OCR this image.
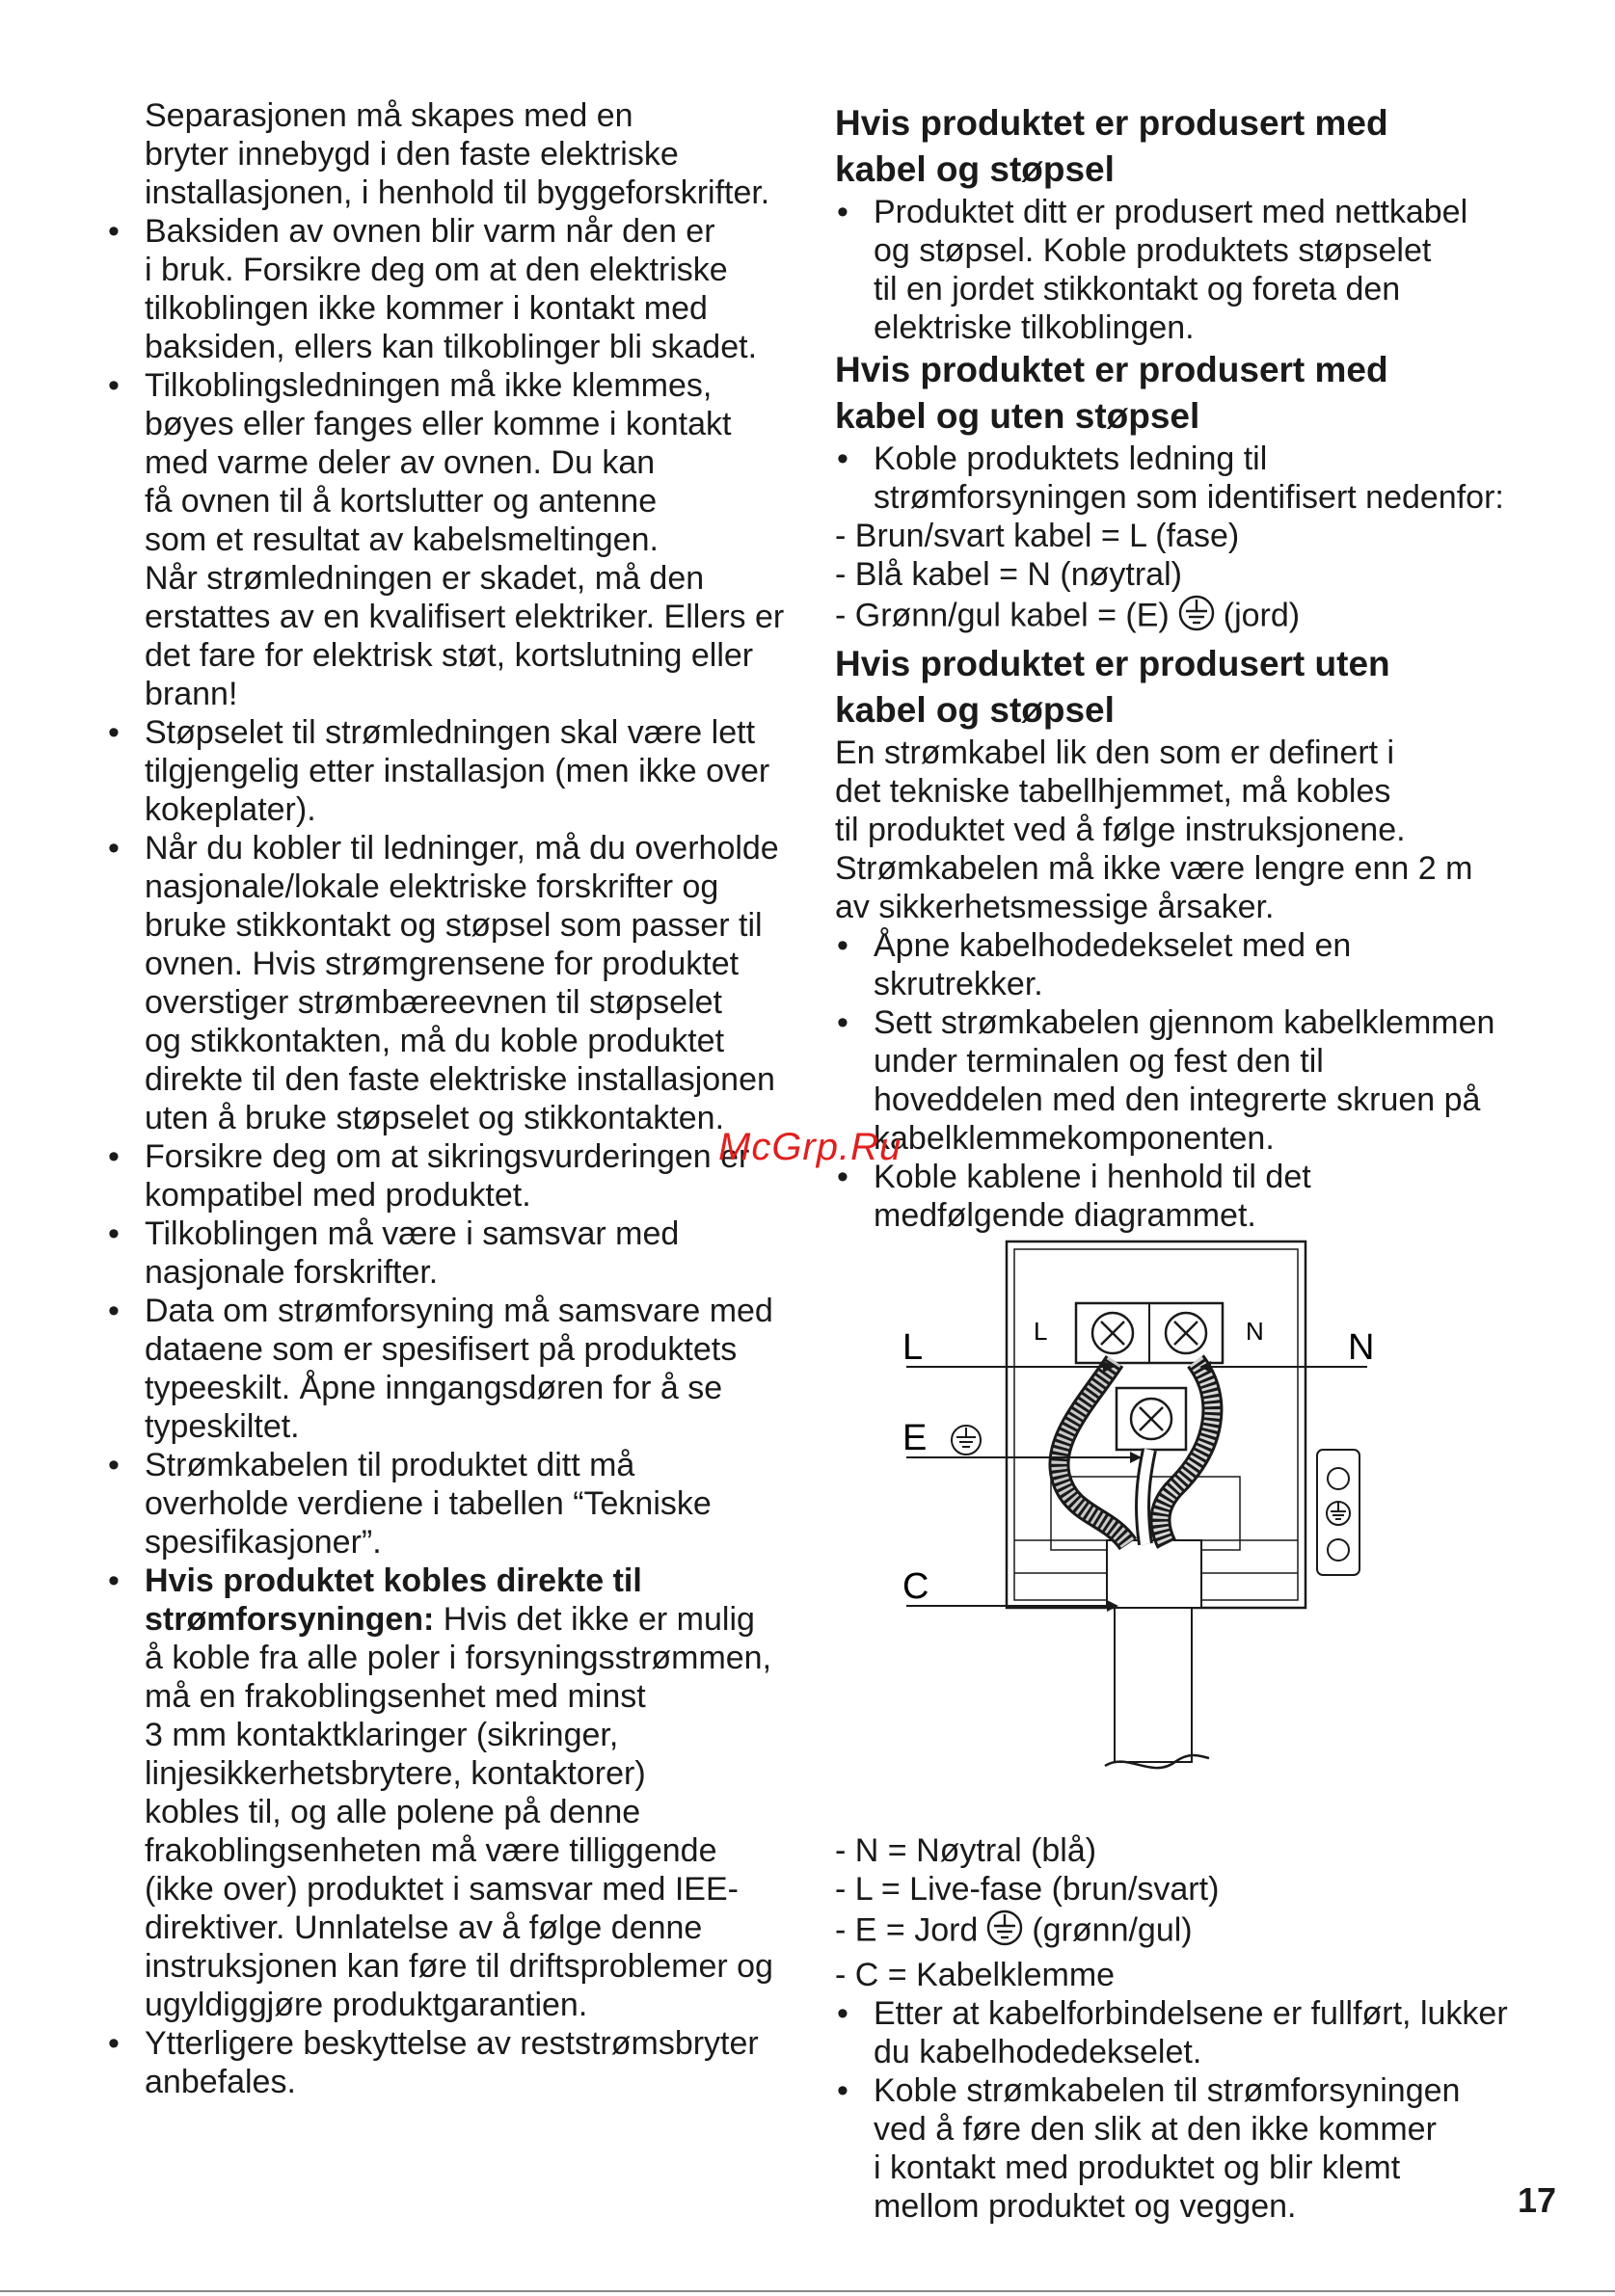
Separasjonen må skapes med en

bryter innebygd i den faste elektriske

installasjonen, i henhold til byggeforskrifter.

• Baksiden av ovnen blir varm når den er
i bruk. Forsikre deg om at den elektriske
tilkoblingen ikke kommer i kontakt med
baksiden, ellers kan tilkoblinger bli skadet.
• Tilkoblingsledningen må ikke klemmes,
bøyes eller fanges eller komme i kontakt
med varme deler av ovnen. Du kan
få ovnen til å kortslutter og antenne
som et resultat av kabelsmeltingen.
Når strømledningen er skadet, må den
erstattes av en kvalifisert elektriker. Ellers er
det fare for elektrisk støt, kortslutning eller
brann!
• Støpselet til strømledningen skal være lett
tilgjengelig etter installasjon (men ikke over
kokeplater).
• Når du kobler til ledninger, må du overholde
nasjonale/lokale elektriske forskrifter og
bruke stikkontakt og støpsel som passer til
ovnen. Hvis strømgrensene for produktet
overstiger strømbæreevnen til støpselet
og stikkontakten, må du koble produktet
direkte til den faste elektriske installasjonen
uten å bruke støpselet og stikkontakten.
• Forsikre deg om at sikringsvurderingen er
kompatibel med produktet.
• Tilkoblingen må være i samsvar med
nasjonale forskrifter.
• Data om strømforsyning må samsvare med
dataene som er spesifisert på produktets
typeeskilt. Åpne inngangsdøren for å se
typeskiltet.
• Strømkabelen til produktet ditt må
overholde verdiene i tabellen “Tekniske
spesifikasjoner”.
• Hvis produktet kobles direkte til
strømforsyningen: Hvis det ikke er mulig
å koble fra alle poler i forsyningsstrømmen,
må en frakoblingsenhet med minst
3 mm kontaktklaringer (sikringer,
linjesikkerhetsbrytere, kontaktorer)
kobles til, og alle polene på denne
frakoblingsenheten må være tilliggende
(ikke over) produktet i samsvar med IEE-
direktiver. Unnlatelse av å følge denne
instruksjonen kan føre til driftsproblemer og
ugyldiggjøre produktgarantien.
• Ytterligere beskyttelse av reststrømsbryter
anbefales.

Hvis produktet er produsert med

kabel og støpsel

• Produktet ditt er produsert med nettkabel
og støpsel. Koble produktets støpselet
til en jordet stikkontakt og foreta den
elektriske tilkoblingen.

Hvis produktet er produsert med

kabel og uten støpsel

• Koble produktets ledning til
strømforsyningen som identifisert nedenfor:

- Brun/svart kabel = L (fase)

- Blå kabel = N (nøytral)

- Grønn/gul kabel = (E) (jord)

Hvis produktet er produsert uten

kabel og støpsel

En strømkabel lik den som er definert i

det tekniske tabellhjemmet, må kobles

til produktet ved å følge instruksjonene.

Strømkabelen må ikke være lengre enn 2 m

av sikkerhetsmessige årsaker.

• Åpne kabelhodedekselet med en
skrutrekker.
• Sett strømkabelen gjennom kabelklemmen
under terminalen og fest den til
hoveddelen med den integrerte skruen på
kabelklemmekomponenten.
• Koble kablene i henhold til det
medfølgende diagrammet.
L
E
C
N
L	N

- N = Nøytral (blå)

- L = Live-fase (brun/svart)

- E = Jord (grønn/gul)

- C = Kabelklemme

• Etter at kabelforbindelsene er fullført, lukker
du kabelhodedekselet.
• Koble strømkabelen til strømforsyningen
ved å føre den slik at den ikke kommer
i kontakt med produktet og blir klemt
mellom produktet og veggen.
McGrp.Ru
17
